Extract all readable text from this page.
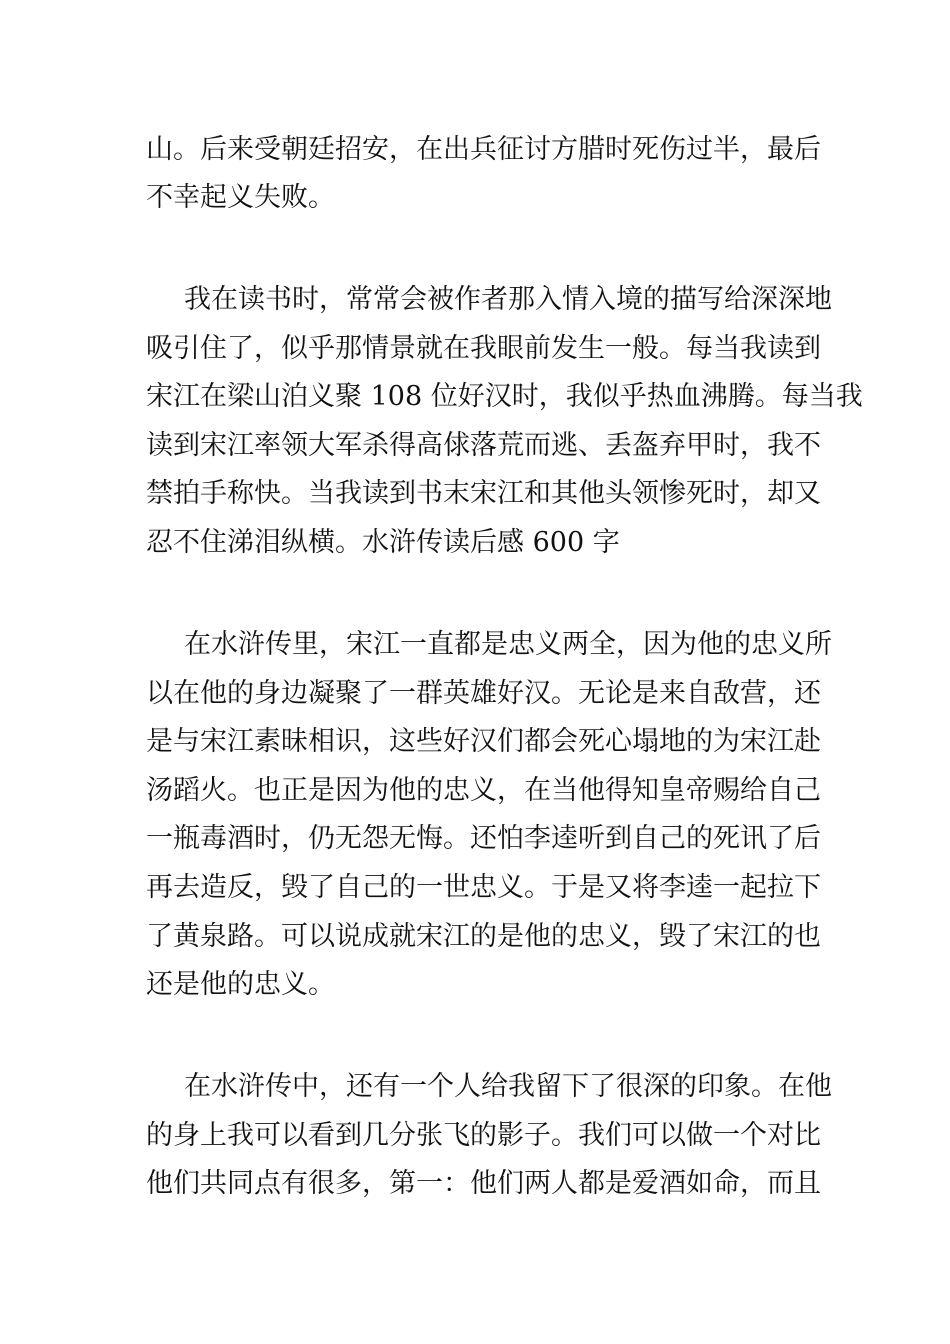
山。后来受朝廷招安，在出兵征讨方腊时死伤过半，最后
不幸起义失败。
我在读书时，常常会被作者那入情入境的描写给深深地
吸引住了，似乎那情景就在我眼前发生一般。每当我读到
宋江在梁山泊义聚 108 位好汉时，我似乎热血沸腾。每当我
读到宋江率领大军杀得高俅落荒而逃、丢盔弃甲时，我不
禁拍手称快。当我读到书末宋江和其他头领惨死时，却又
忍不住涕泪纵横。水浒传读后感 600 字
在水浒传里，宋江一直都是忠义两全，因为他的忠义所
以在他的身边凝聚了一群英雄好汉。无论是来自敌营，还
是与宋江素昧相识，这些好汉们都会死心塌地的为宋江赴
汤蹈火。也正是因为他的忠义，在当他得知皇帝赐给自己
一瓶毒酒时，仍无怨无悔。还怕李逵听到自己的死讯了后
再去造反，毁了自己的一世忠义。于是又将李逵一起拉下
了黄泉路。可以说成就宋江的是他的忠义，毁了宋江的也
还是他的忠义。
在水浒传中，还有一个人给我留下了很深的印象。在他
的身上我可以看到几分张飞的影子。我们可以做一个对比
他们共同点有很多，第一：他们两人都是爱酒如命，而且
